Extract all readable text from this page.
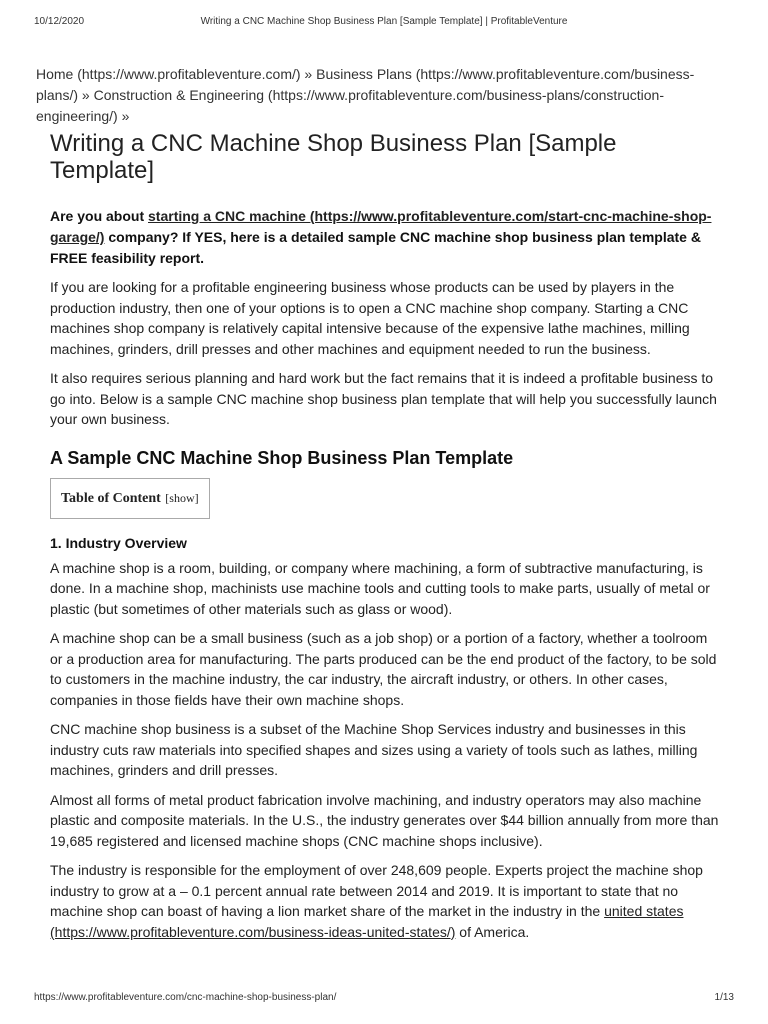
10/12/2020	Writing a CNC Machine Shop Business Plan [Sample Template] | ProfitableVenture
Home (https://www.profitableventure.com/) » Business Plans (https://www.profitableventure.com/business-plans/) » Construction & Engineering (https://www.profitableventure.com/business-plans/construction-engineering/) »
Writing a CNC Machine Shop Business Plan [Sample Template]

Are you about starting a CNC machine (https://www.profitableventure.com/start-cnc-machine-shop-garage/) company? If YES, here is a detailed sample CNC machine shop business plan template & FREE feasibility report.

If you are looking for a profitable engineering business whose products can be used by players in the production industry, then one of your options is to open a CNC machine shop company. Starting a CNC machines shop company is relatively capital intensive because of the expensive lathe machines, milling machines, grinders, drill presses and other machines and equipment needed to run the business.

It also requires serious planning and hard work but the fact remains that it is indeed a profitable business to go into. Below is a sample CNC machine shop business plan template that will help you successfully launch your own business.

A Sample CNC Machine Shop Business Plan Template
Table of Content [show]
1. Industry Overview

A machine shop is a room, building, or company where machining, a form of subtractive manufacturing, is done. In a machine shop, machinists use machine tools and cutting tools to make parts, usually of metal or plastic (but sometimes of other materials such as glass or wood).

A machine shop can be a small business (such as a job shop) or a portion of a factory, whether a toolroom or a production area for manufacturing. The parts produced can be the end product of the factory, to be sold to customers in the machine industry, the car industry, the aircraft industry, or others. In other cases, companies in those fields have their own machine shops.

CNC machine shop business is a subset of the Machine Shop Services industry and businesses in this industry cuts raw materials into specified shapes and sizes using a variety of tools such as lathes, milling machines, grinders and drill presses.

Almost all forms of metal product fabrication involve machining, and industry operators may also machine plastic and composite materials. In the U.S., the industry generates over $44 billion annually from more than 19,685 registered and licensed machine shops (CNC machine shops inclusive).

The industry is responsible for the employment of over 248,609 people. Experts project the machine shop industry to grow at a – 0.1 percent annual rate between 2014 and 2019. It is important to state that no machine shop can boast of having a lion market share of the market in the industry in the united states (https://www.profitableventure.com/business-ideas-united-states/) of America.

https://www.profitableventure.com/cnc-machine-shop-business-plan/	1/13
